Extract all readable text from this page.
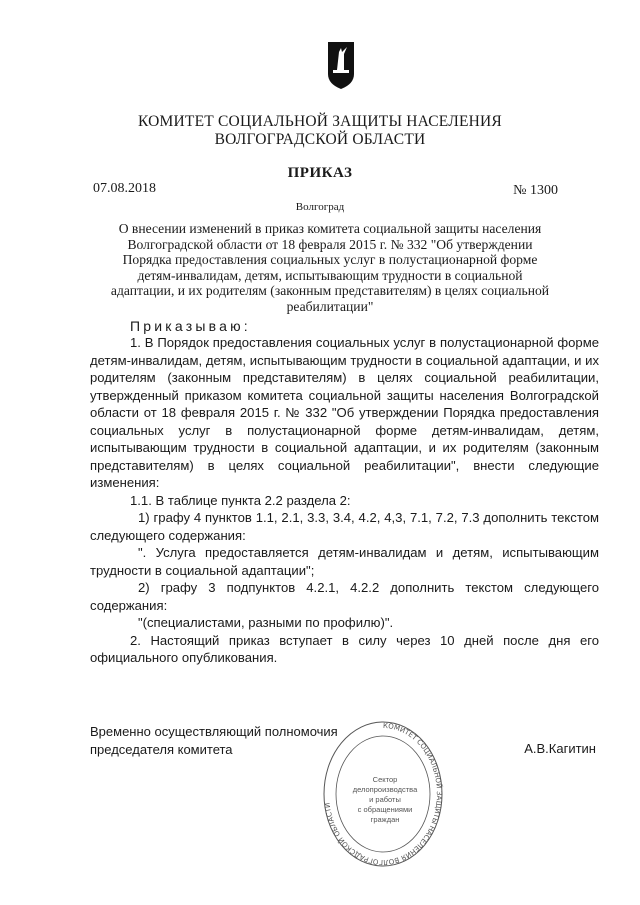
КОМИТЕТ СОЦИАЛЬНОЙ ЗАЩИТЫ НАСЕЛЕНИЯ
ВОЛГОГРАДСКОЙ ОБЛАСТИ
ПРИКАЗ
07.08.2018	№ 1300
Волгоград
О внесении изменений в приказ комитета социальной защиты населения Волгоградской области от 18 февраля 2015 г. № 332 "Об утверждении Порядка предоставления социальных услуг в полустационарной форме детям-инвалидам, детям, испытывающим трудности в социальной адаптации, и их родителям (законным представителям) в целях социальной реабилитации"
Приказываю:

1. В Порядок предоставления социальных услуг в полустационарной форме детям-инвалидам, детям, испытывающим трудности в социальной адаптации, и их родителям (законным представителям) в целях социальной реабилитации, утвержденный приказом комитета социальной защиты населения Волгоградской области от 18 февраля 2015 г. № 332 "Об утверждении Порядка предоставления социальных услуг в полустационарной форме детям-инвалидам, детям, испытывающим трудности в социальной адаптации, и их родителям (законным представителям) в целях социальной реабилитации", внести следующие изменения:

1.1. В таблице пункта 2.2 раздела 2:

1) графу 4 пунктов 1.1, 2.1, 3.3, 3.4, 4.2, 4,3, 7.1, 7.2, 7.3 дополнить текстом следующего содержания:

". Услуга предоставляется детям-инвалидам и детям, испытывающим трудности в социальной адаптации";

2) графу 3 подпунктов 4.2.1, 4.2.2 дополнить текстом следующего содержания:

"(специалистами, разными по профилю)".

2. Настоящий приказ вступает в силу через 10 дней после дня его официального опубликования.

Временно осуществляющий полномочия
председателя комитета	А.В.Кагитин
КОМИТЕТ СОЦИАЛЬНОЙ ЗАЩИТЫ НАСЕЛЕНИЯ ВОЛГОГРАДСКОЙ ОБЛАСТИ
Сектор
делопроизводства
и работы
с обращениями
граждан
